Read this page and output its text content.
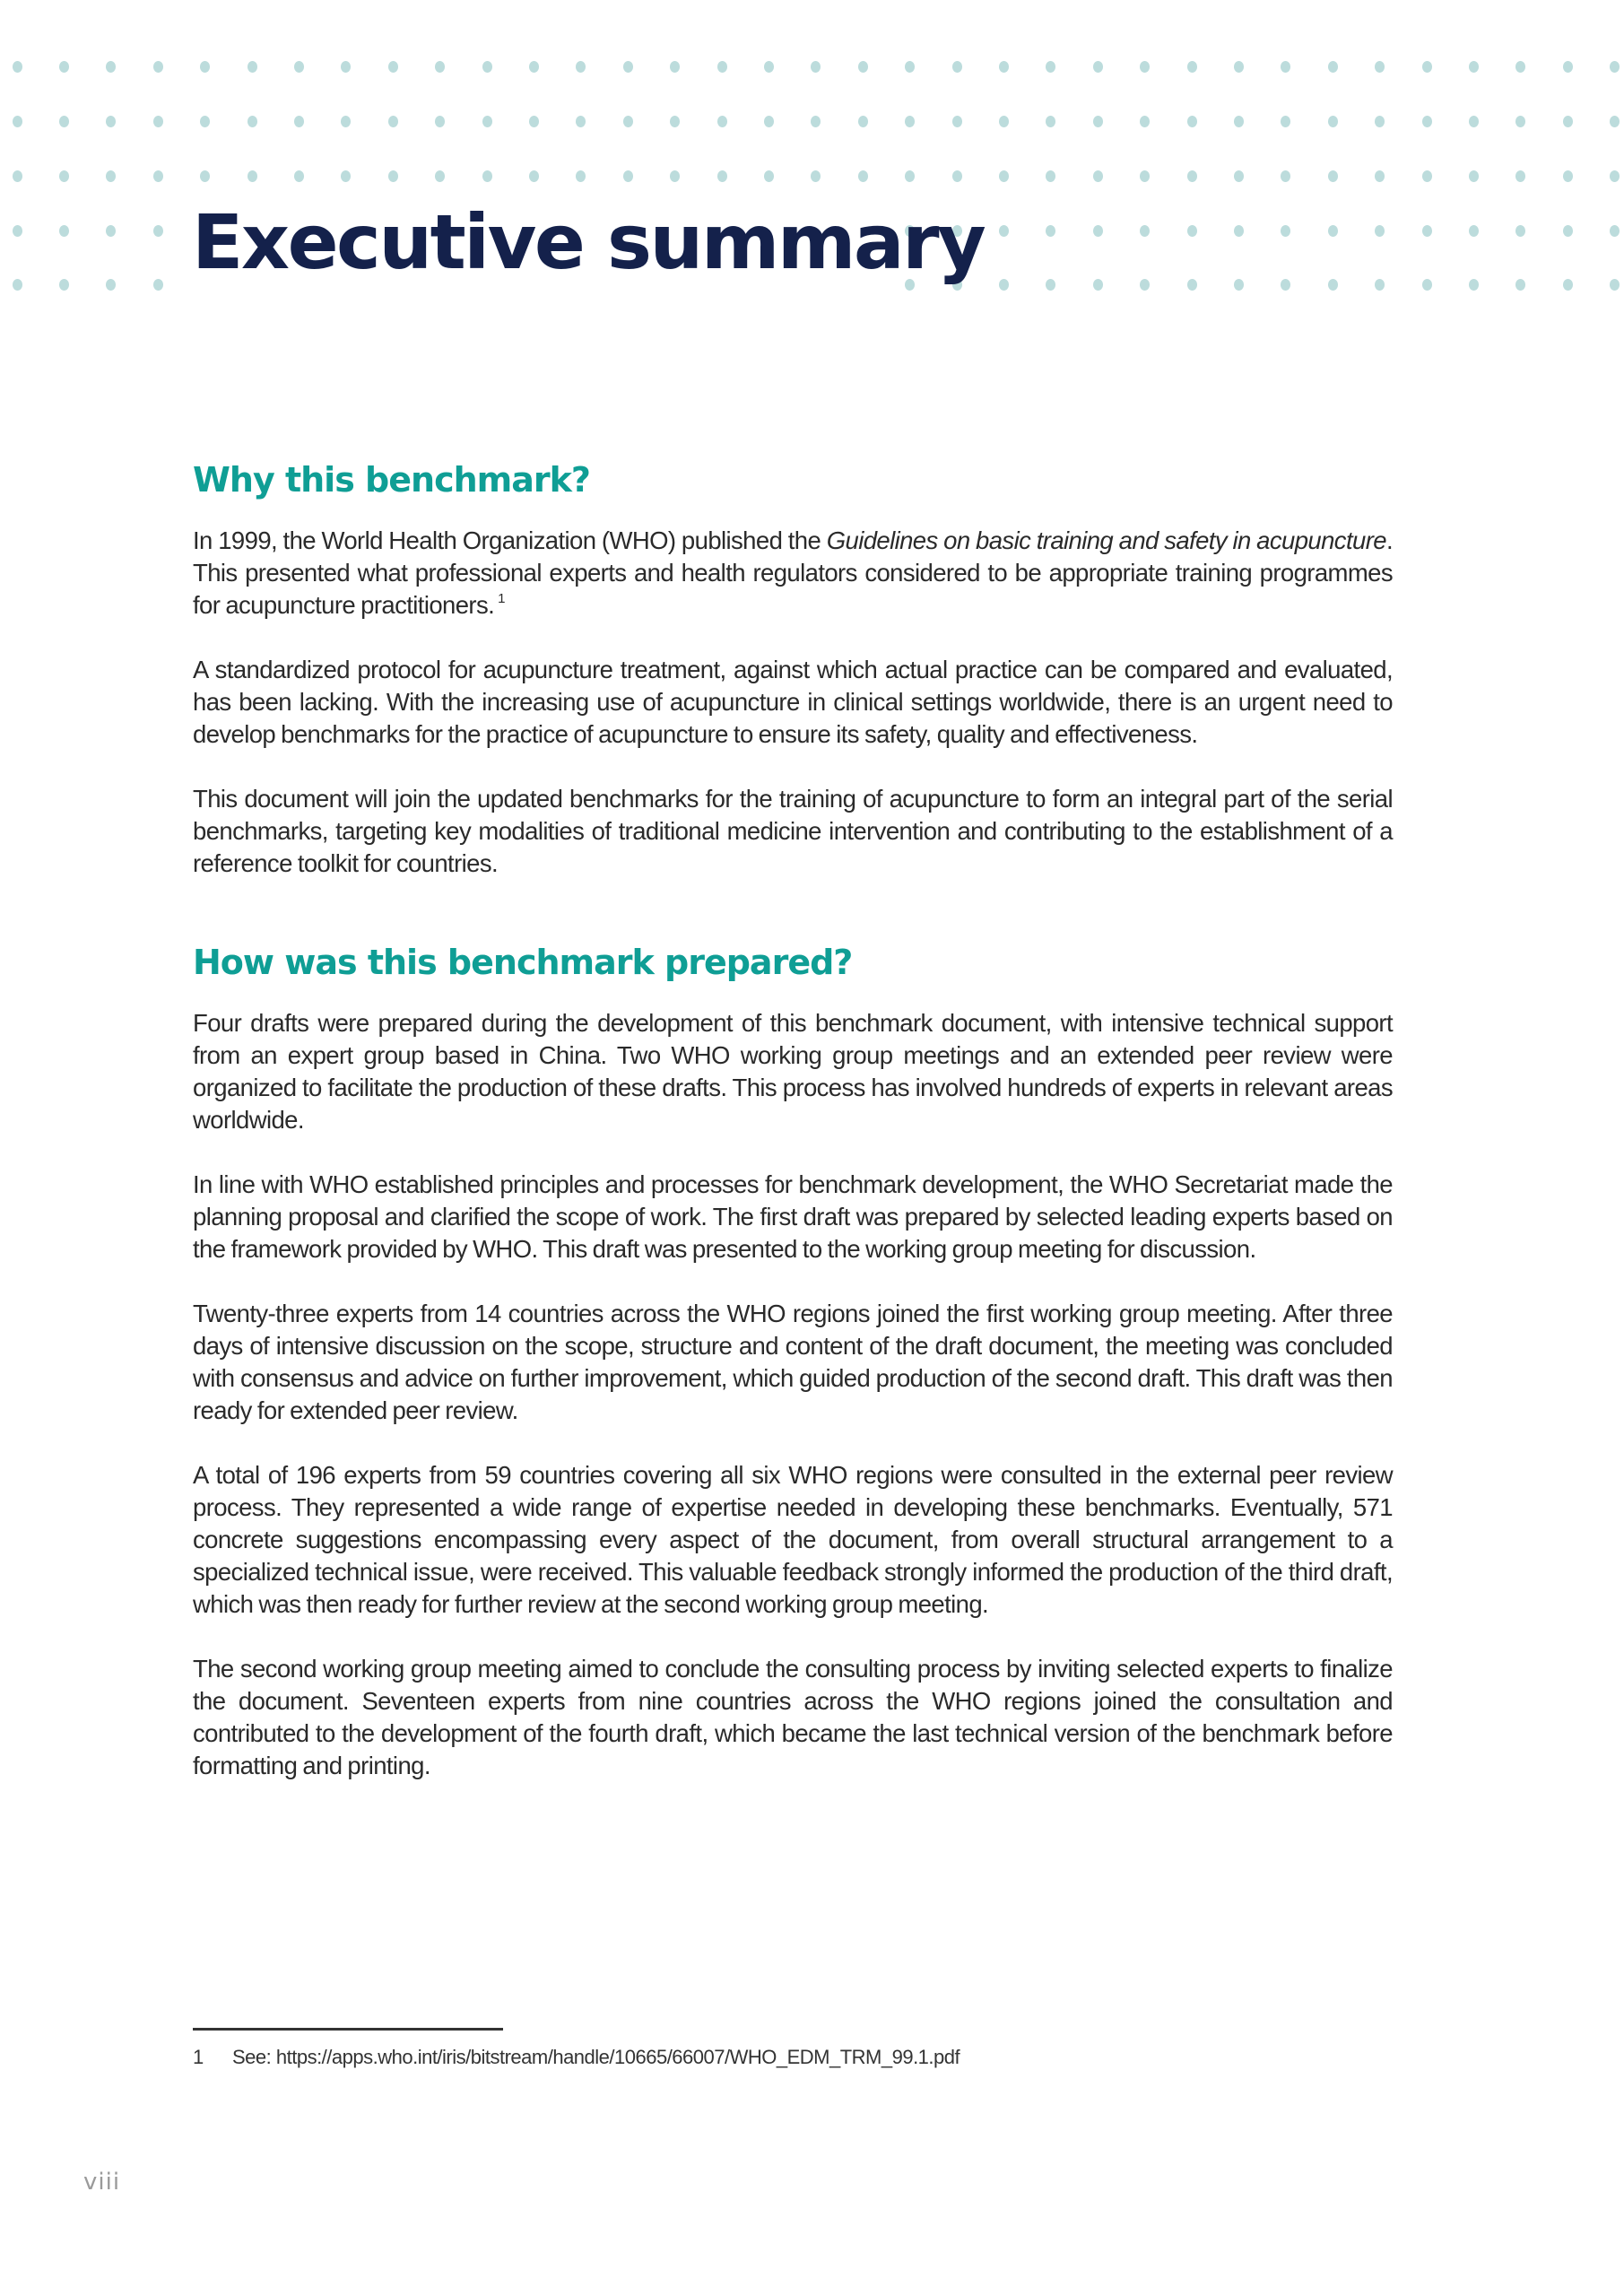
Executive summary
Why this benchmark?

In 1999, the World Health Organization (WHO) published the Guidelines on basic training and safety in acupuncture. This presented what professional experts and health regulators considered to be appropriate training programmes for acupuncture practitioners. $^1$

A standardized protocol for acupuncture treatment, against which actual practice can be compared and evaluated, has been lacking. With the increasing use of acupuncture in clinical settings worldwide, there is an urgent need to develop benchmarks for the practice of acupuncture to ensure its safety, quality and effectiveness.

This document will join the updated benchmarks for the training of acupuncture to form an integral part of the serial benchmarks, targeting key modalities of traditional medicine intervention and contributing to the establishment of a reference toolkit for countries.

How was this benchmark prepared?

Four drafts were prepared during the development of this benchmark document, with intensive technical support from an expert group based in China. Two WHO working group meetings and an extended peer review were organized to facilitate the production of these drafts. This process has involved hundreds of experts in relevant areas worldwide.

In line with WHO established principles and processes for benchmark development, the WHO Secretariat made the planning proposal and clarified the scope of work. The first draft was prepared by selected leading experts based on the framework provided by WHO. This draft was presented to the working group meeting for discussion.

Twenty-three experts from 14 countries across the WHO regions joined the first working group meeting. After three days of intensive discussion on the scope, structure and content of the draft document, the meeting was concluded with consensus and advice on further improvement, which guided production of the second draft. This draft was then ready for extended peer review.

A total of 196 experts from 59 countries covering all six WHO regions were consulted in the external peer review process. They represented a wide range of expertise needed in developing these benchmarks. Eventually, 571 concrete suggestions encompassing every aspect of the document, from overall structural arrangement to a specialized technical issue, were received. This valuable feedback strongly informed the production of the third draft, which was then ready for further review at the second working group meeting.

The second working group meeting aimed to conclude the consulting process by inviting selected experts to finalize the document. Seventeen experts from nine countries across the WHO regions joined the consultation and contributed to the development of the fourth draft, which became the last technical version of the benchmark before formatting and printing.

1 See: https://apps.who.int/iris/bitstream/handle/10665/66007/WHO_EDM_TRM_99.1.pdf
viii
